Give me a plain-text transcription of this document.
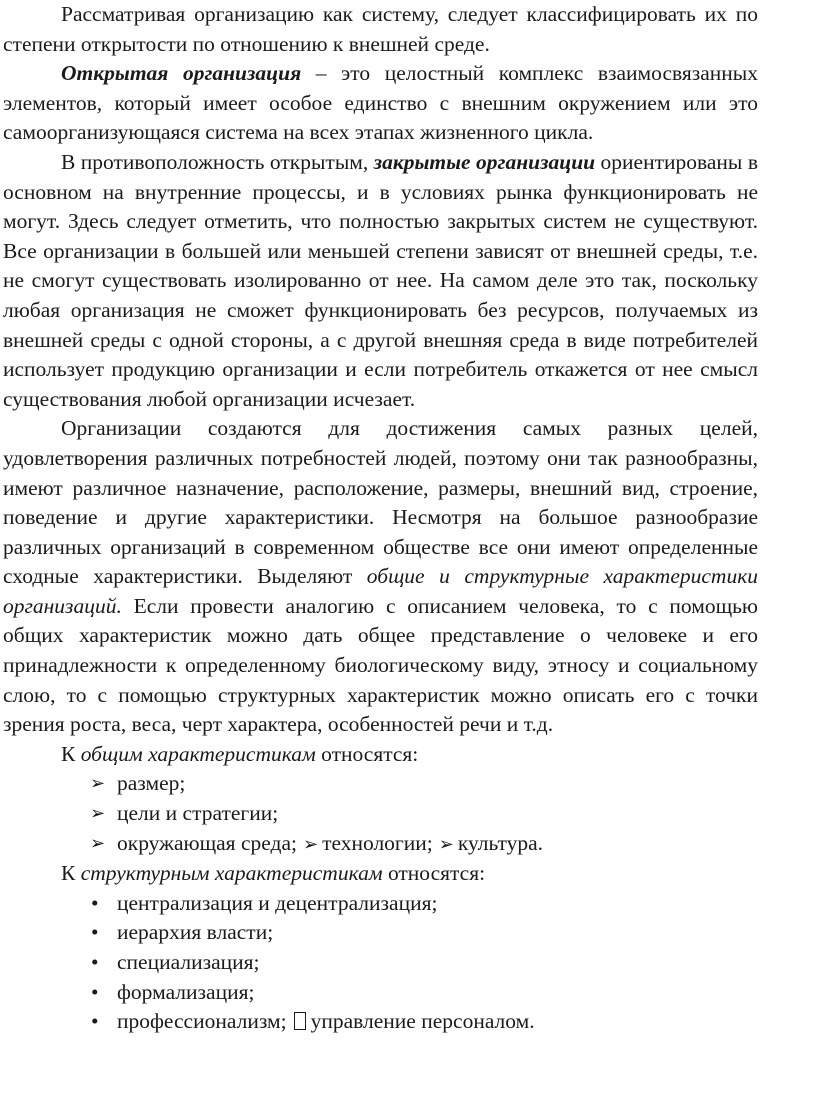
Рассматривая организацию как систему, следует классифицировать их по степени открытости по отношению к внешней среде.

Открытая организация – это целостный комплекс взаимосвязанных элементов, который имеет особое единство с внешним окружением или это самоорганизующаяся система на всех этапах жизненного цикла.

В противоположность открытым, закрытые организации ориентированы в основном на внутренние процессы, и в условиях рынка функционировать не могут. Здесь следует отметить, что полностью закрытых систем не существуют. Все организации в большей или меньшей степени зависят от внешней среды, т.е. не смогут существовать изолированно от нее. На самом деле это так, поскольку любая организация не сможет функционировать без ресурсов, получаемых из внешней среды с одной стороны, а с другой внешняя среда в виде потребителей использует продукцию организации и если потребитель откажется от нее смысл существования любой организации исчезает.

Организации создаются для достижения самых разных целей, удовлетворения различных потребностей людей, поэтому они так разнообразны, имеют различное назначение, расположение, размеры, внешний вид, строение, поведение и другие характеристики. Несмотря на большое разнообразие различных организаций в современном обществе все они имеют определенные сходные характеристики. Выделяют общие и структурные характеристики организаций. Если провести аналогию с описанием человека, то с помощью общих характеристик можно дать общее представление о человеке и его принадлежности к определенному биологическому виду, этносу и социальному слою, то с помощью структурных характеристик можно описать его с точки зрения роста, веса, черт характера, особенностей речи и т.д.

К общим характеристикам относятся:

➢ размер;
➢ цели и стратегии;
➢ окружающая среда; ➢ технологии; ➢ культура.

К структурным характеристикам относятся:

• централизация и децентрализация;
• иерархия власти;
• специализация;
• формализация;
• профессионализм; управление персоналом.
